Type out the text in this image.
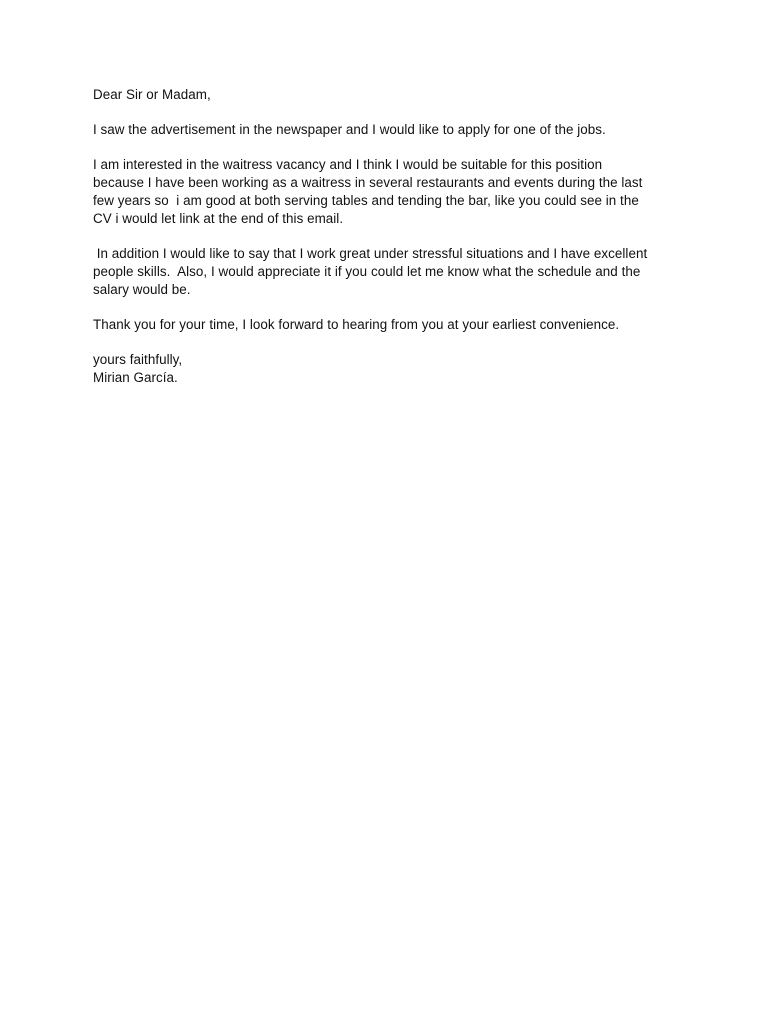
Dear Sir or Madam,
I saw the advertisement in the newspaper and I would like to apply for one of the jobs.
I am interested in the waitress vacancy and I think I would be suitable for this position
because I have been working as a waitress in several restaurants and events during the last
few years so  i am good at both serving tables and tending the bar, like you could see in the
CV i would let link at the end of this email.
In addition I would like to say that I work great under stressful situations and I have excellent
people skills.  Also, I would appreciate it if you could let me know what the schedule and the
salary would be.
Thank you for your time, I look forward to hearing from you at your earliest convenience.
yours faithfully,
Mirian García.
